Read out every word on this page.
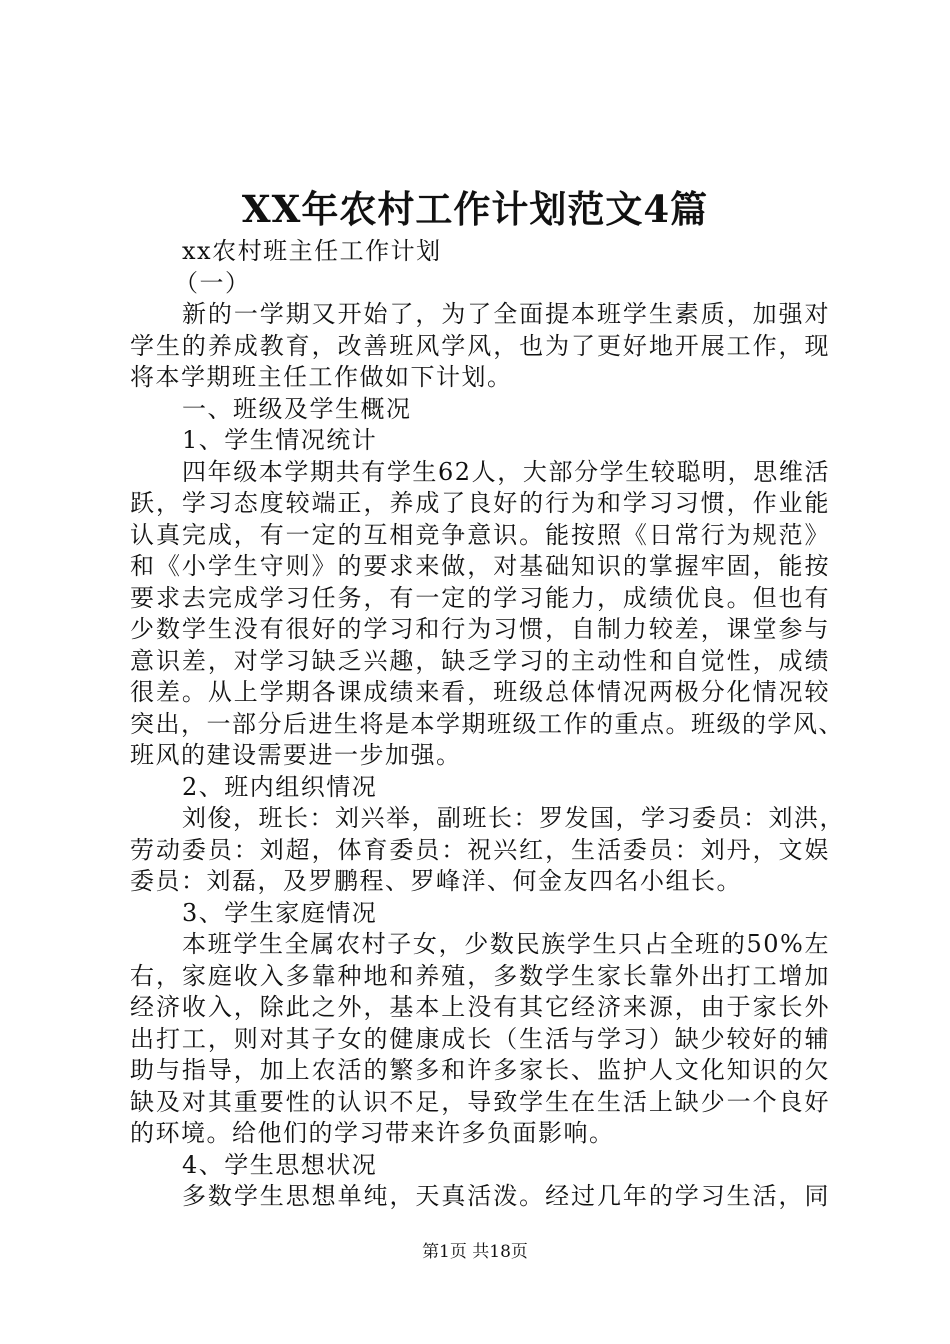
XX年农村工作计划范文4篇
xx农村班主任工作计划
（一）
新的一学期又开始了，为了全面提本班学生素质，加强对
学生的养成教育，改善班风学风，也为了更好地开展工作，现
将本学期班主任工作做如下计划。
一、班级及学生概况
1、学生情况统计
四年级本学期共有学生62人，大部分学生较聪明，思维活
跃，学习态度较端正，养成了良好的行为和学习习惯，作业能
认真完成，有一定的互相竞争意识。能按照《日常行为规范》
和《小学生守则》的要求来做，对基础知识的掌握牢固，能按
要求去完成学习任务，有一定的学习能力，成绩优良。但也有
少数学生没有很好的学习和行为习惯，自制力较差，课堂参与
意识差，对学习缺乏兴趣，缺乏学习的主动性和自觉性，成绩
很差。从上学期各课成绩来看，班级总体情况两极分化情况较
突出，一部分后进生将是本学期班级工作的重点。班级的学风、
班风的建设需要进一步加强。
2、班内组织情况
刘俊，班长：刘兴举，副班长：罗发国，学习委员：刘洪，
劳动委员：刘超，体育委员：祝兴红，生活委员：刘丹，文娱
委员：刘磊，及罗鹏程、罗峰洋、何金友四名小组长。
3、学生家庭情况
本班学生全属农村子女，少数民族学生只占全班的50%左
右，家庭收入多靠种地和养殖，多数学生家长靠外出打工增加
经济收入，除此之外，基本上没有其它经济来源，由于家长外
出打工，则对其子女的健康成长（生活与学习）缺少较好的辅
助与指导，加上农活的繁多和许多家长、监护人文化知识的欠
缺及对其重要性的认识不足，导致学生在生活上缺少一个良好
的环境。给他们的学习带来许多负面影响。
4、学生思想状况
多数学生思想单纯，天真活泼。经过几年的学习生活，同
第1页 共18页
